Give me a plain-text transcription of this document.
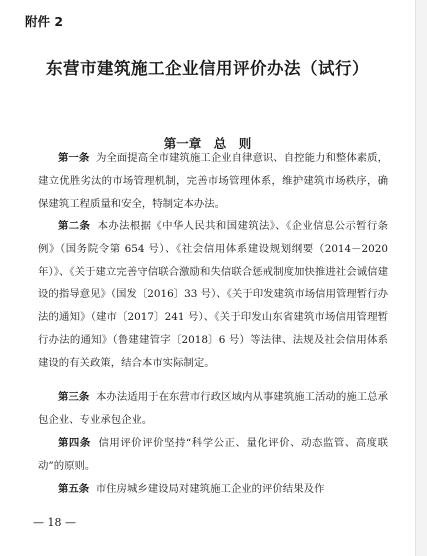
附件 2
东营市建筑施工企业信用评价办法（试行）
第一章　总　则

第一条 为全面提高全市建筑施工企业自律意识、自控能力和整体素质，建立优胜劣汰的市场管理机制，完善市场管理体系，维护建筑市场秩序，确保建筑工程质量和安全，特制定本办法。

第二条 本办法根据《中华人民共和国建筑法》、《企业信息公示暂行条例》（国务院令第 654 号）、《社会信用体系建设规划纲要（2014－2020 年）》、《关于建立完善守信联合激励和失信联合惩戒制度加快推进社会诚信建设的指导意见》（国发〔2016〕33 号）、《关于印发建筑市场信用管理暂行办法的通知》（建市〔2017〕241 号）、《关于印发山东省建筑市场信用管理暂行办法的通知》（鲁建建管字〔2018〕6 号）等法律、法规及社会信用体系建设的有关政策，结合本市实际制定。

第三条 本办法适用于在东营市行政区域内从事建筑施工活动的施工总承包企业、专业承包企业。

第四条 信用评价评价坚持“科学公正、量化评价、动态监管、高度联动”的原则。

第五条 市住房城乡建设局对建筑施工企业的评价结果及作

— 18 —
